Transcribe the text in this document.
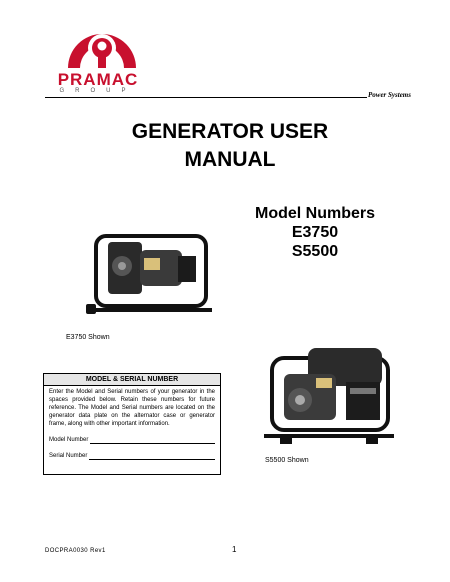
PRAMAC
GROUP	Power Systems
GENERATOR USER
MANUAL
Model Numbers
E3750
S5500
E3750 Shown
S5500 Shown
MODEL & SERIAL NUMBER
Enter the Model and Serial numbers of your generator in the spaces provided below. Retain these numbers for future reference. The Model and Serial numbers are located on the generator data plate on the alternator case or generator frame, along with other important information.
Model Number
Serial Number
DOCPRA0030 Rev1	1
